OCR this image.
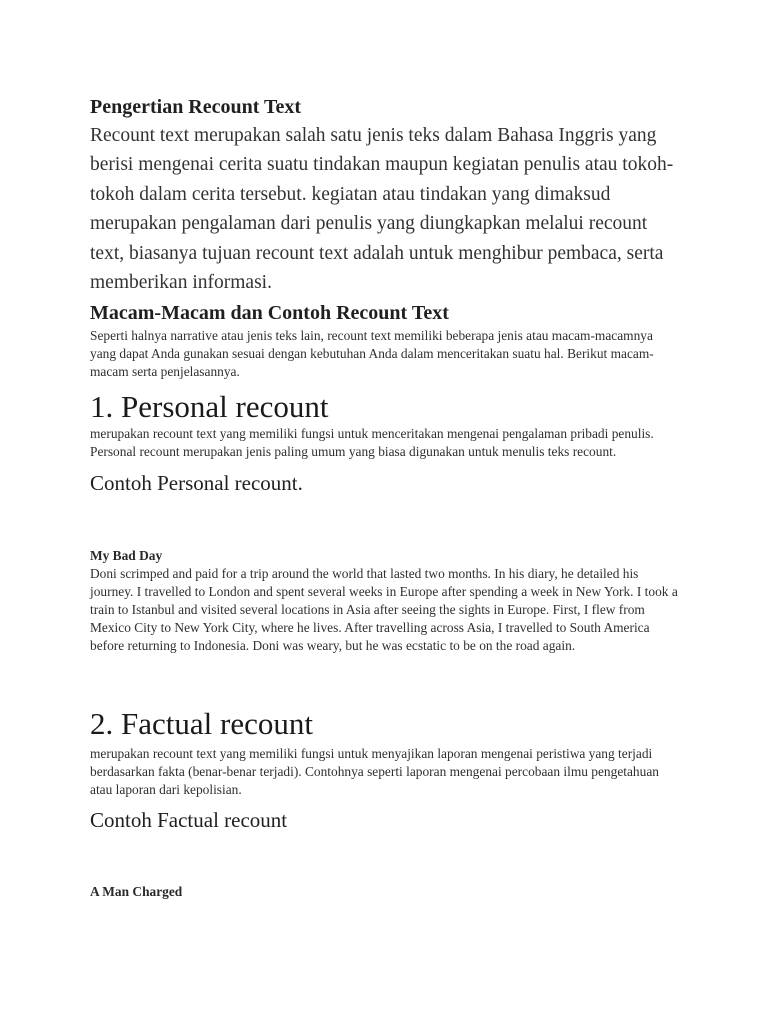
Pengertian Recount Text

Recount text merupakan salah satu jenis teks dalam Bahasa Inggris yang berisi mengenai cerita suatu tindakan maupun kegiatan penulis atau tokoh-tokoh dalam cerita tersebut. kegiatan atau tindakan yang dimaksud merupakan pengalaman dari penulis yang diungkapkan melalui recount text, biasanya tujuan recount text adalah untuk menghibur pembaca, serta memberikan informasi.

Macam-Macam dan Contoh Recount Text

Seperti halnya narrative atau jenis teks lain, recount text memiliki beberapa jenis atau macam-macamnya yang dapat Anda gunakan sesuai dengan kebutuhan Anda dalam menceritakan suatu hal. Berikut macam-macam serta penjelasannya.

1. Personal recount

merupakan recount text yang memiliki fungsi untuk menceritakan mengenai pengalaman pribadi penulis. Personal recount merupakan jenis paling umum yang biasa digunakan untuk menulis teks recount.

Contoh Personal recount.

My Bad Day

Doni scrimped and paid for a trip around the world that lasted two months. In his diary, he detailed his journey. I travelled to London and spent several weeks in Europe after spending a week in New York. I took a train to Istanbul and visited several locations in Asia after seeing the sights in Europe. First, I flew from Mexico City to New York City, where he lives. After travelling across Asia, I travelled to South America before returning to Indonesia. Doni was weary, but he was ecstatic to be on the road again.

2. Factual recount

merupakan recount text yang memiliki fungsi untuk menyajikan laporan mengenai peristiwa yang terjadi berdasarkan fakta (benar-benar terjadi). Contohnya seperti laporan mengenai percobaan ilmu pengetahuan atau laporan dari kepolisian.

Contoh Factual recount

A Man Charged
